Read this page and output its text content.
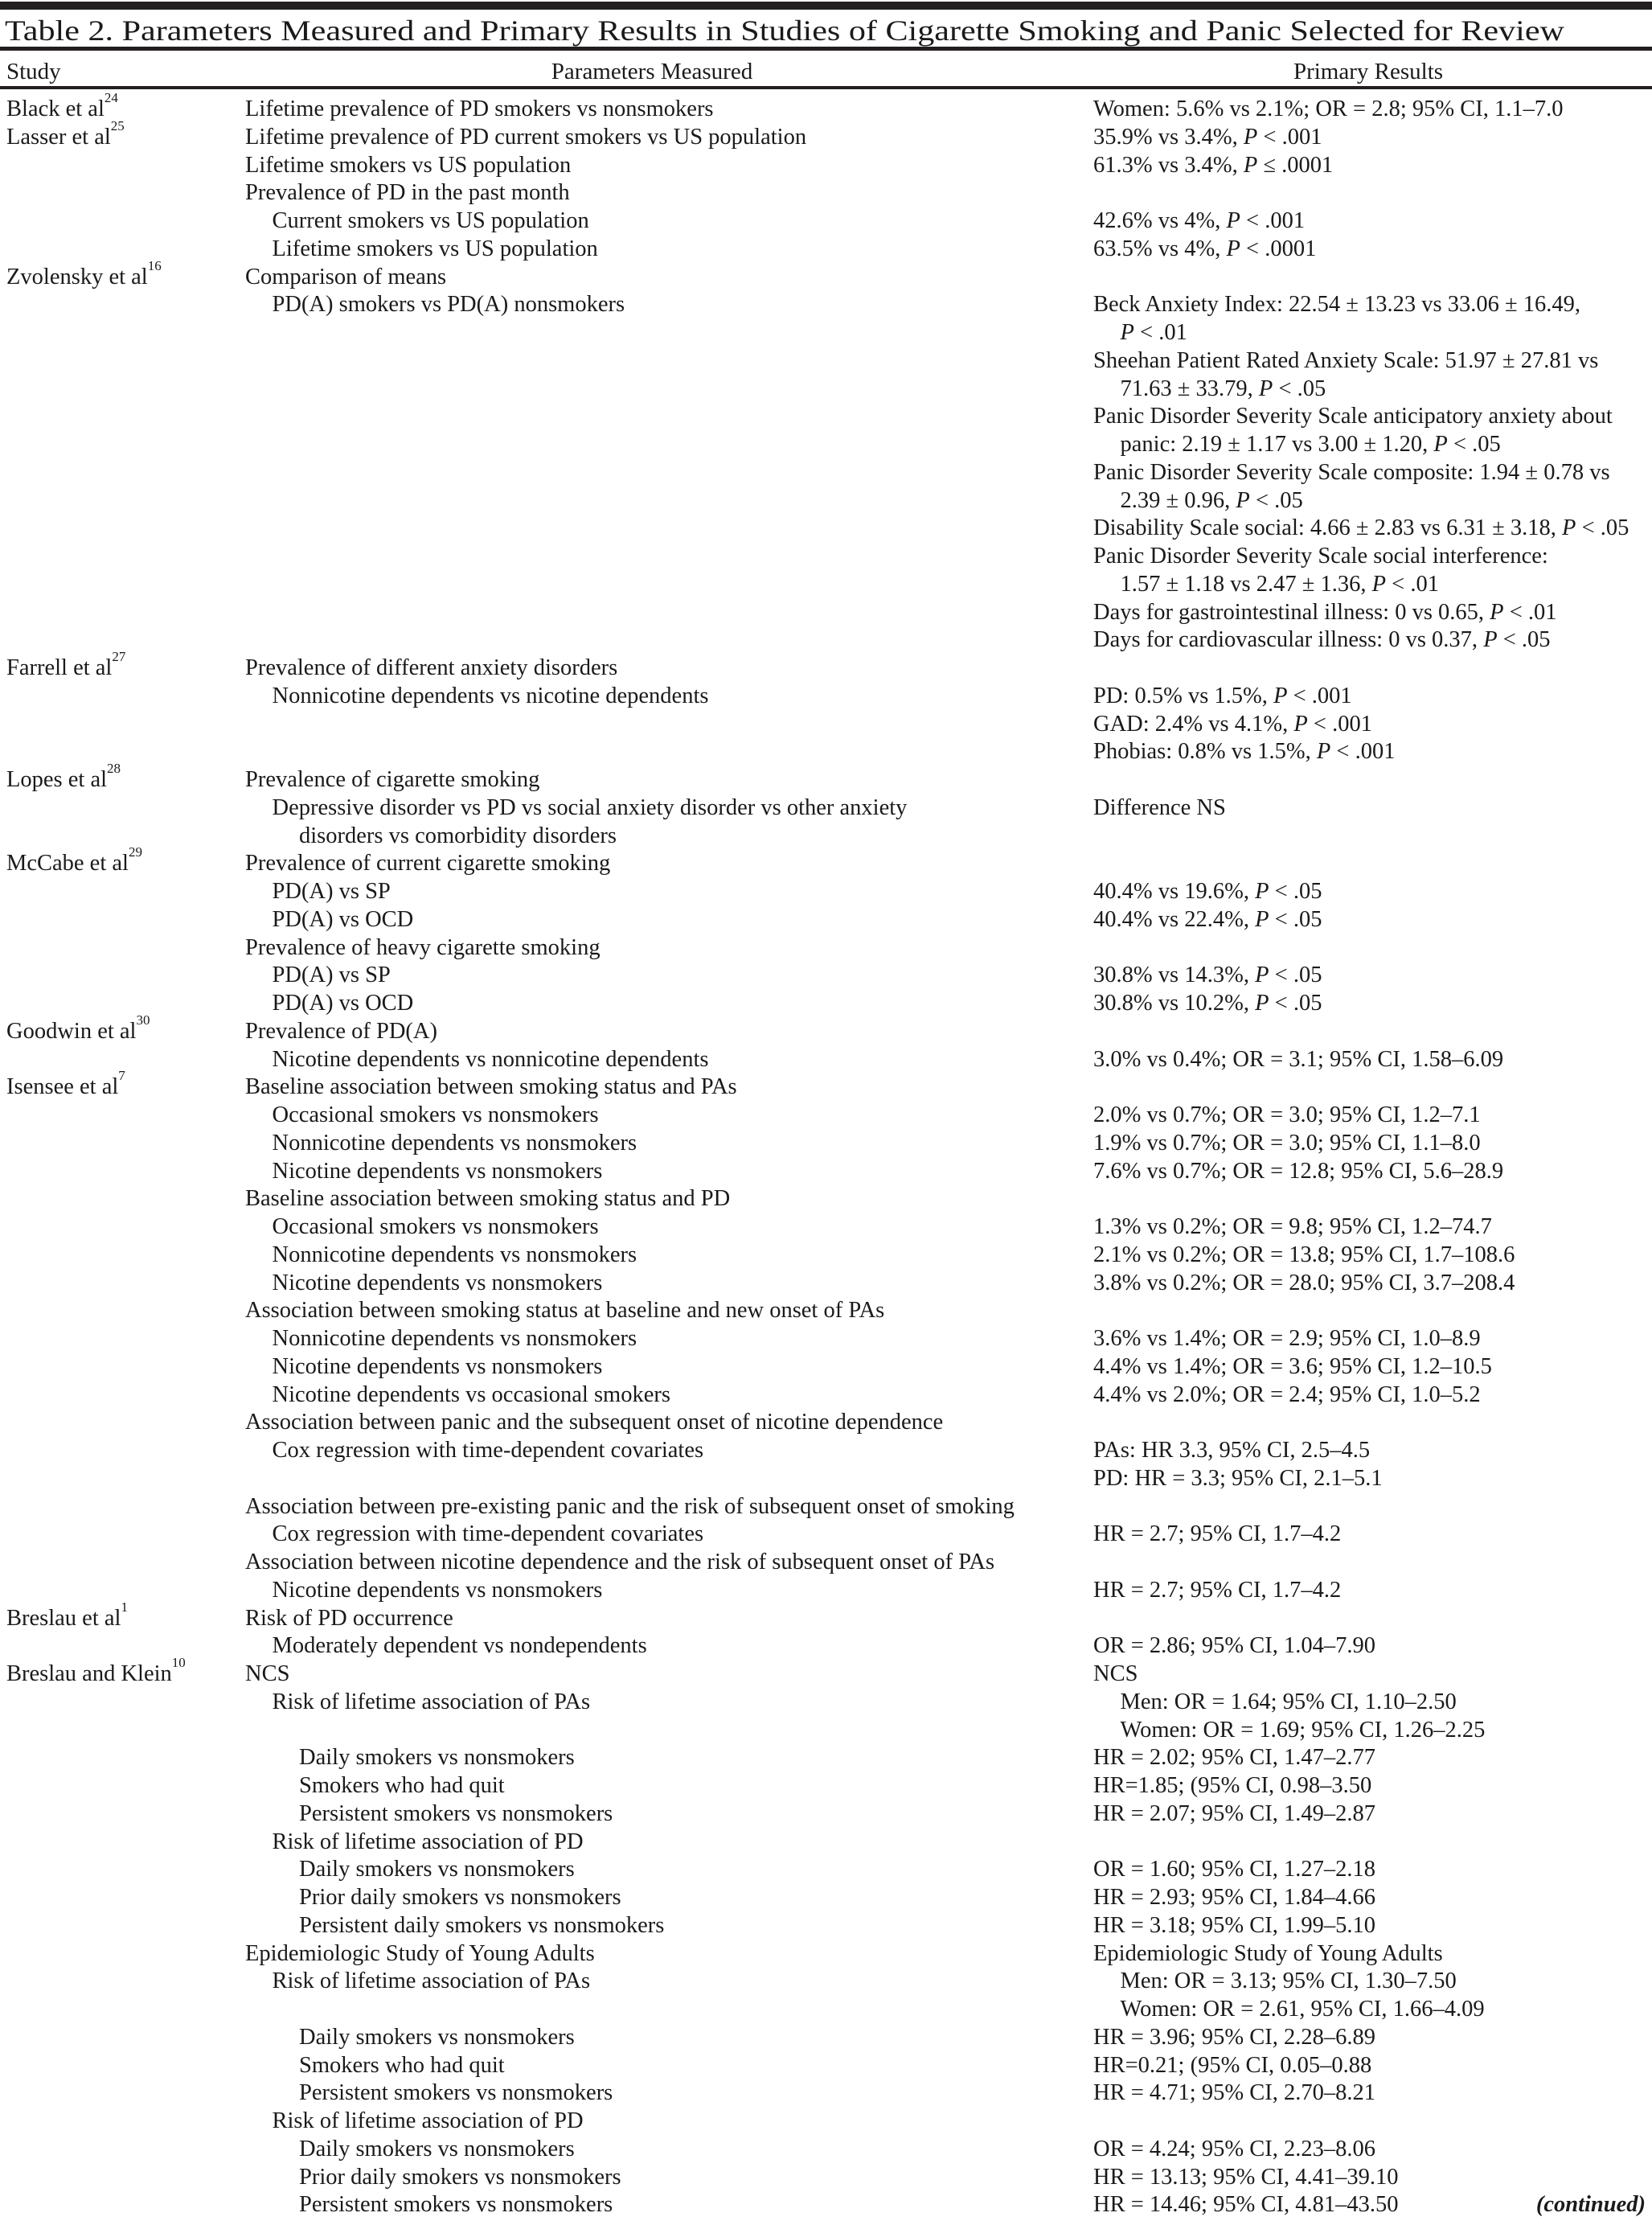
Table 2. Parameters Measured and Primary Results in Studies of Cigarette Smoking and Panic Selected for Review
Study	Parameters Measured	Primary Results
Black et $al^{24}$	Lifetime prevalence of PD smokers vs nonsmokers	Women: 5.6% vs 2.1%; OR = 2.8; 95% CI, 1.1–7.0
Lasser et $al^{25}$	Lifetime prevalence of PD current smokers vs US population	35.9% vs 3.4%, P < .001
Lifetime smokers vs US population	61.3% vs 3.4%, P ≤ .0001
Prevalence of PD in the past month
Current smokers vs US population	42.6% vs 4%, P < .001
Lifetime smokers vs US population	63.5% vs 4%, P < .0001
Zvolensky et $al^{16}$	Comparison of means
PD(A) smokers vs PD(A) nonsmokers	Beck Anxiety Index: 22.54 ± 13.23 vs 33.06 ± 16.49,
P < .01
Sheehan Patient Rated Anxiety Scale: 51.97 ± 27.81 vs
71.63 ± 33.79, P < .05
Panic Disorder Severity Scale anticipatory anxiety about
panic: 2.19 ± 1.17 vs 3.00 ± 1.20, P < .05
Panic Disorder Severity Scale composite: 1.94 ± 0.78 vs
2.39 ± 0.96, P < .05
Disability Scale social: 4.66 ± 2.83 vs 6.31 ± 3.18, P < .05
Panic Disorder Severity Scale social interference:
1.57 ± 1.18 vs 2.47 ± 1.36, P < .01
Days for gastrointestinal illness: 0 vs 0.65, P < .01
Days for cardiovascular illness: 0 vs 0.37, P < .05
Farrell et $al^{27}$	Prevalence of different anxiety disorders
Nonnicotine dependents vs nicotine dependents	PD: 0.5% vs 1.5%, P < .001
GAD: 2.4% vs 4.1%, P < .001
Phobias: 0.8% vs 1.5%, P < .001
Lopes et $al^{28}$	Prevalence of cigarette smoking
Depressive disorder vs PD vs social anxiety disorder vs other anxiety	Difference NS
disorders vs comorbidity disorders
McCabe et $al^{29}$	Prevalence of current cigarette smoking
PD(A) vs SP	40.4% vs 19.6%, P < .05
PD(A) vs OCD	40.4% vs 22.4%, P < .05
Prevalence of heavy cigarette smoking
PD(A) vs SP	30.8% vs 14.3%, P < .05
PD(A) vs OCD	30.8% vs 10.2%, P < .05
Goodwin et $al^{30}$	Prevalence of PD(A)
Nicotine dependents vs nonnicotine dependents	3.0% vs 0.4%; OR = 3.1; 95% CI, 1.58–6.09
Isensee et $al^7$	Baseline association between smoking status and PAs
Occasional smokers vs nonsmokers	2.0% vs 0.7%; OR = 3.0; 95% CI, 1.2–7.1
Nonnicotine dependents vs nonsmokers	1.9% vs 0.7%; OR = 3.0; 95% CI, 1.1–8.0
Nicotine dependents vs nonsmokers	7.6% vs 0.7%; OR = 12.8; 95% CI, 5.6–28.9
Baseline association between smoking status and PD
Occasional smokers vs nonsmokers	1.3% vs 0.2%; OR = 9.8; 95% CI, 1.2–74.7
Nonnicotine dependents vs nonsmokers	2.1% vs 0.2%; OR = 13.8; 95% CI, 1.7–108.6
Nicotine dependents vs nonsmokers	3.8% vs 0.2%; OR = 28.0; 95% CI, 3.7–208.4
Association between smoking status at baseline and new onset of PAs
Nonnicotine dependents vs nonsmokers	3.6% vs 1.4%; OR = 2.9; 95% CI, 1.0–8.9
Nicotine dependents vs nonsmokers	4.4% vs 1.4%; OR = 3.6; 95% CI, 1.2–10.5
Nicotine dependents vs occasional smokers	4.4% vs 2.0%; OR = 2.4; 95% CI, 1.0–5.2
Association between panic and the subsequent onset of nicotine dependence
Cox regression with time-dependent covariates	PAs: HR 3.3, 95% CI, 2.5–4.5
PD: HR = 3.3; 95% CI, 2.1–5.1
Association between pre-existing panic and the risk of subsequent onset of smoking
Cox regression with time-dependent covariates	HR = 2.7; 95% CI, 1.7–4.2
Association between nicotine dependence and the risk of subsequent onset of PAs
Nicotine dependents vs nonsmokers	HR = 2.7; 95% CI, 1.7–4.2
Breslau et $al^1$	Risk of PD occurrence
Moderately dependent vs nondependents	OR = 2.86; 95% CI, 1.04–7.90
Breslau and Klein$^{10}$	NCS	NCS
Risk of lifetime association of PAs	Men: OR = 1.64; 95% CI, 1.10–2.50
Women: OR = 1.69; 95% CI, 1.26–2.25
Daily smokers vs nonsmokers	HR = 2.02; 95% CI, 1.47–2.77
Smokers who had quit	HR=1.85; (95% CI, 0.98–3.50
Persistent smokers vs nonsmokers	HR = 2.07; 95% CI, 1.49–2.87
Risk of lifetime association of PD
Daily smokers vs nonsmokers	OR = 1.60; 95% CI, 1.27–2.18
Prior daily smokers vs nonsmokers	HR = 2.93; 95% CI, 1.84–4.66
Persistent daily smokers vs nonsmokers	HR = 3.18; 95% CI, 1.99–5.10
Epidemiologic Study of Young Adults	Epidemiologic Study of Young Adults
Risk of lifetime association of PAs	Men: OR = 3.13; 95% CI, 1.30–7.50
Women: OR = 2.61, 95% CI, 1.66–4.09
Daily smokers vs nonsmokers	HR = 3.96; 95% CI, 2.28–6.89
Smokers who had quit	HR=0.21; (95% CI, 0.05–0.88
Persistent smokers vs nonsmokers	HR = 4.71; 95% CI, 2.70–8.21
Risk of lifetime association of PD
Daily smokers vs nonsmokers	OR = 4.24; 95% CI, 2.23–8.06
Prior daily smokers vs nonsmokers	HR = 13.13; 95% CI, 4.41–39.10
Persistent smokers vs nonsmokers	HR = 14.46; 95% CI, 4.81–43.50	(continued)
